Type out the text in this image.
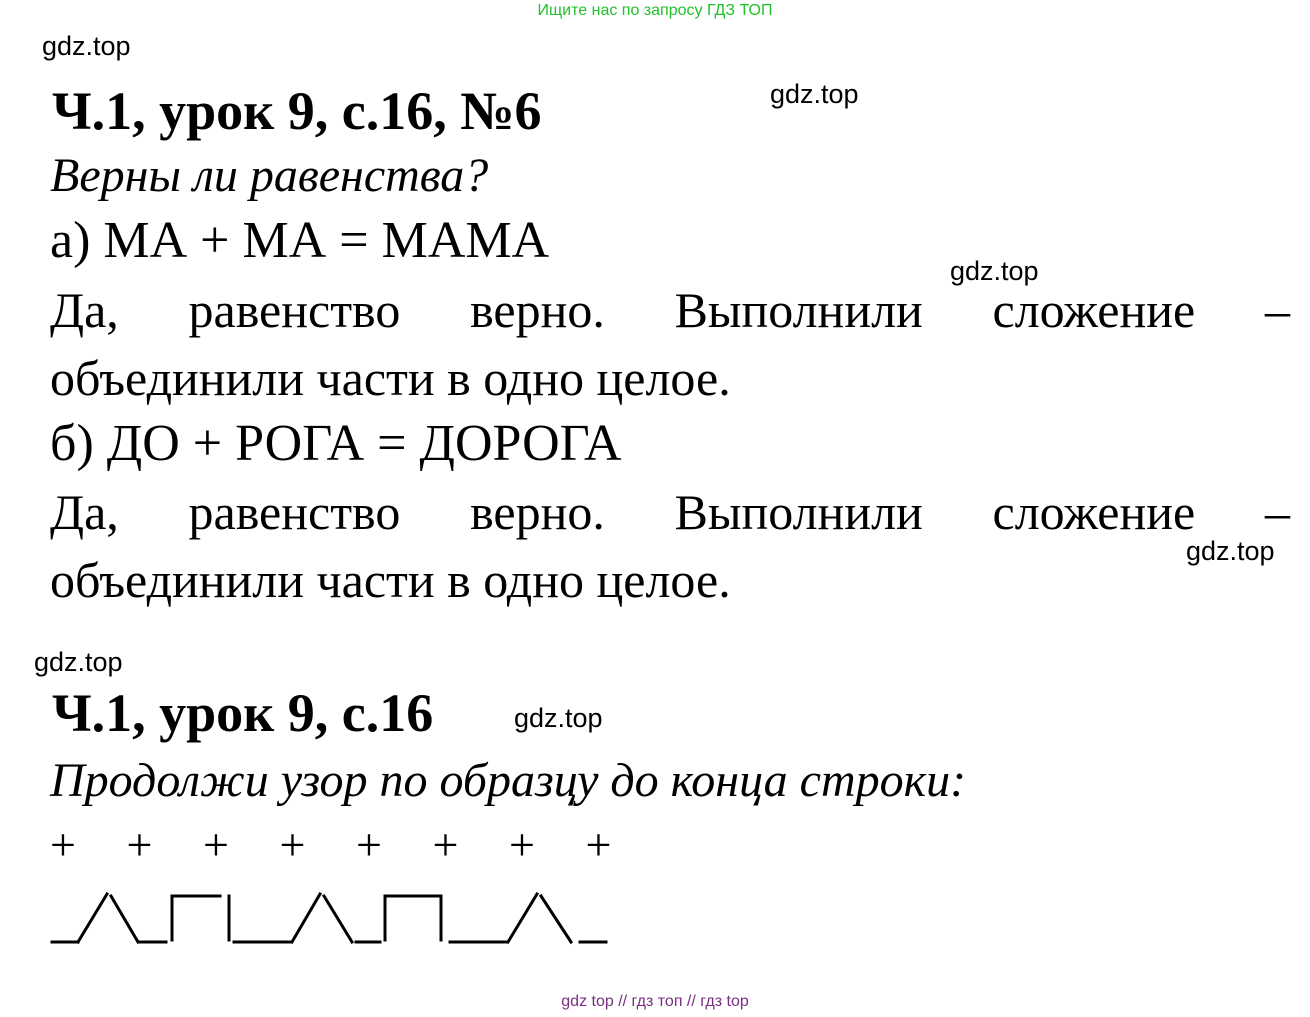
Ищите нас по запросу ГДЗ ТОП
gdz.top
gdz.top
gdz.top
gdz.top
gdz.top
gdz.top
Ч.1, урок 9, с.16, №6
Верны ли равенства?
а) МА + МА = МАМА
Да, равенство верно. Выполнили сложение –
объединили части в одно целое.
б) ДО + РОГА = ДОРОГА
Да, равенство верно. Выполнили сложение –
объединили части в одно целое.
Ч.1, урок 9, с.16
Продолжи узор по образцу до конца строки:
+	+	+	+	+	+	+	+
gdz top // гдз топ // гдз top
